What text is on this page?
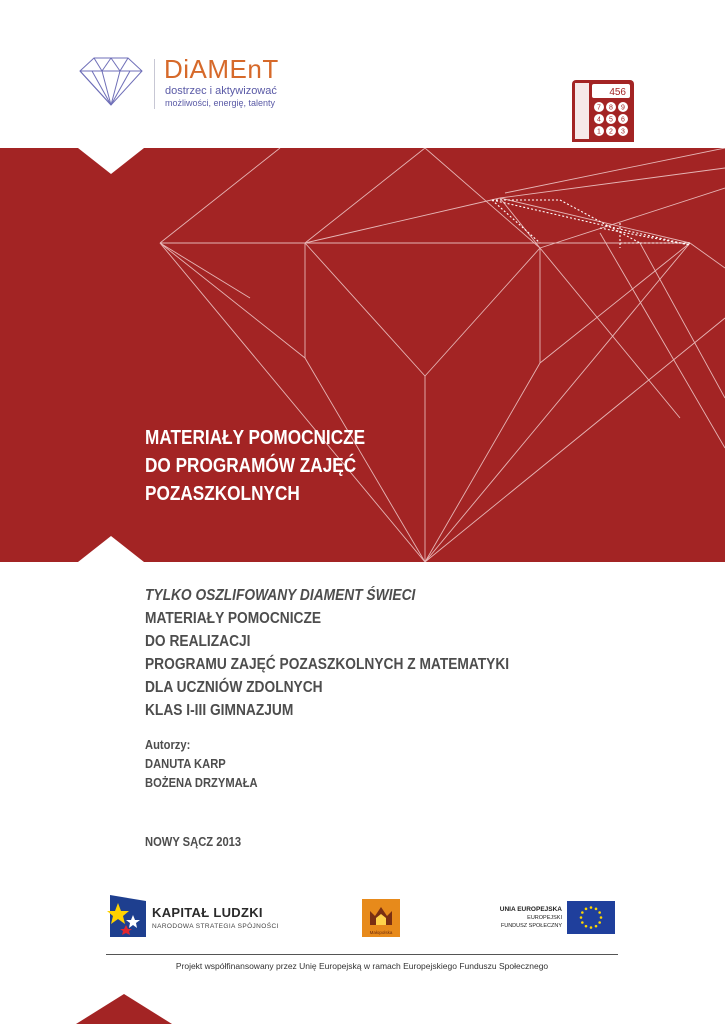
DiAMEnT
dostrzec i aktywizować
możliwości, energię, talenty
456
7 8 9
4 5 6
1 2 3
MATERIAŁY POMOCNICZE
DO PROGRAMÓW ZAJĘĆ
POZASZKOLNYCH
TYLKO OSZLIFOWANY DIAMENT ŚWIECI
MATERIAŁY POMOCNICZE
DO REALIZACJI
PROGRAMU ZAJĘĆ POZASZKOLNYCH Z MATEMATYKI
DLA UCZNIÓW ZDOLNYCH
KLAS I-III GIMNAZJUM
Autorzy:
DANUTA KARP
BOŻENA DRZYMAŁA
NOWY SĄCZ 2013
KAPITAŁ LUDZKI
NARODOWA STRATEGIA SPÓJNOŚCI
Małopolska
UNIA EUROPEJSKA
EUROPEJSKI
FUNDUSZ SPOŁECZNY
Projekt współfinansowany przez Unię Europejską w ramach Europejskiego Funduszu Społecznego
